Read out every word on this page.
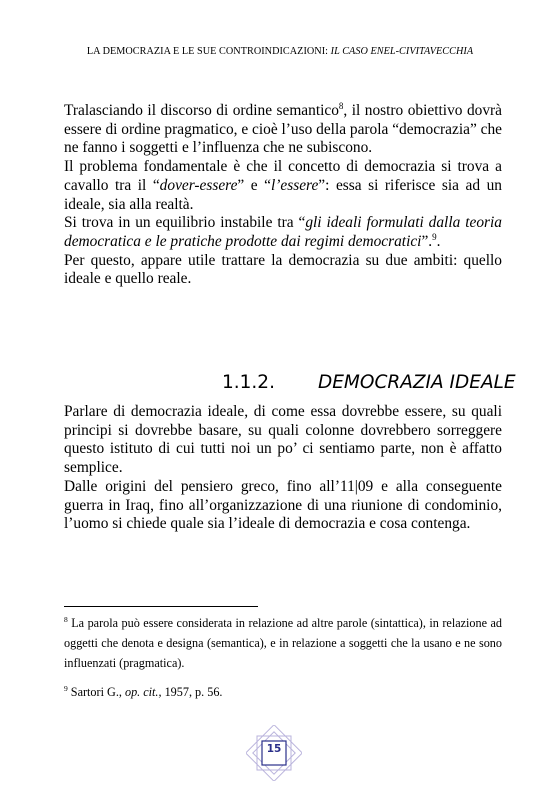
LA DEMOCRAZIA E LE SUE CONTROINDICAZIONI: IL CASO ENEL-CIVITAVECCHIA

Tralasciando il discorso di ordine semantico$^8$, il nostro obiettivo dovrà essere di ordine pragmatico, e cioè l’uso della parola “democrazia” che ne fanno i soggetti e l’influenza che ne subiscono.

Il problema fondamentale è che il concetto di democrazia si trova a cavallo tra il “dover-essere” e “l’essere”: essa si riferisce sia ad un ideale, sia alla realtà.

Si trova in un equilibrio instabile tra “gli ideali formulati dalla teoria democratica e le pratiche prodotte dai regimi democratici”.$^9$.

Per questo, appare utile trattare la democrazia su due ambiti: quello ideale e quello reale.

1.1.2. DEMOCRAZIA IDEALE

Parlare di democrazia ideale, di come essa dovrebbe essere, su quali principi si dovrebbe basare, su quali colonne dovrebbero sorreggere questo istituto di cui tutti noi un po’ ci sentiamo parte, non è affatto semplice.

Dalle origini del pensiero greco, fino all’11|09 e alla conseguente guerra in Iraq, fino all’organizzazione di una riunione di condominio, l’uomo si chiede quale sia l’ideale di democrazia e cosa contenga.

$^8$ La parola può essere considerata in relazione ad altre parole (sintattica), in relazione ad oggetti che denota e designa (semantica), e in relazione a soggetti che la usano e ne sono influenzati (pragmatica).

$^9$ Sartori G., op. cit., 1957, p. 56.

15
